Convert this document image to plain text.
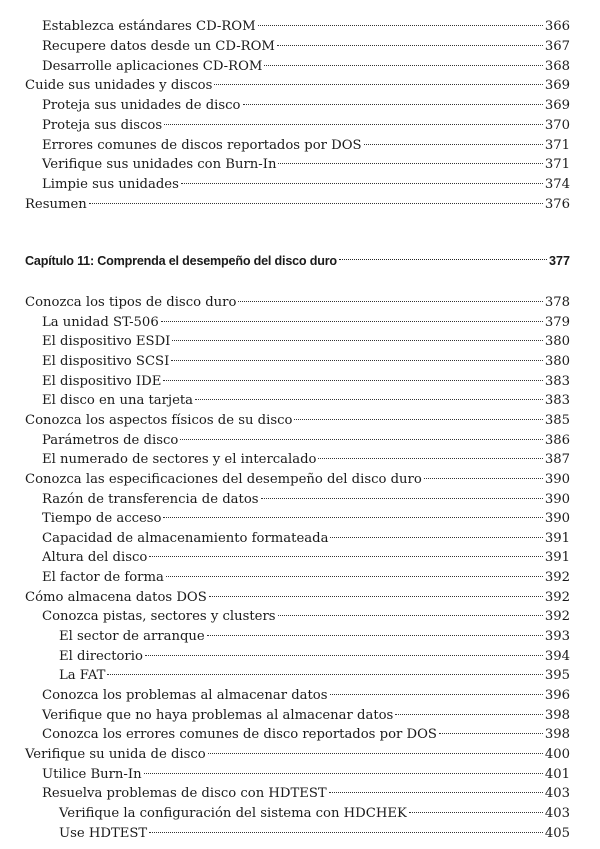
Establezca estándares CD-ROM	366
Recupere datos desde un CD-ROM	367
Desarrolle aplicaciones CD-ROM	368
Cuide sus unidades y discos	369
Proteja sus unidades de disco	369
Proteja sus discos	370
Errores comunes de discos reportados por DOS	371
Verifique sus unidades con Burn-In	371
Limpie sus unidades	374
Resumen	376
Capítulo 11: Comprenda el desempeño del disco duro	377
Conozca los tipos de disco duro	378
La unidad ST-506	379
El dispositivo ESDI	380
El dispositivo SCSI	380
El dispositivo IDE	383
El disco en una tarjeta	383
Conozca los aspectos físicos de su disco	385
Parámetros de disco	386
El numerado de sectores y el intercalado	387
Conozca las especificaciones del desempeño del disco duro	390
Razón de transferencia de datos	390
Tiempo de acceso	390
Capacidad de almacenamiento formateada	391
Altura del disco	391
El factor de forma	392
Cómo almacena datos DOS	392
Conozca pistas, sectores y clusters	392
El sector de arranque	393
El directorio	394
La FAT	395
Conozca los problemas al almacenar datos	396
Verifique que no haya problemas al almacenar datos	398
Conozca los errores comunes de disco reportados por DOS	398
Verifique su unida de disco	400
Utilice Burn-In	401
Resuelva problemas de disco con HDTEST	403
Verifique la configuración del sistema con HDCHEK	403
Use HDTEST	405
